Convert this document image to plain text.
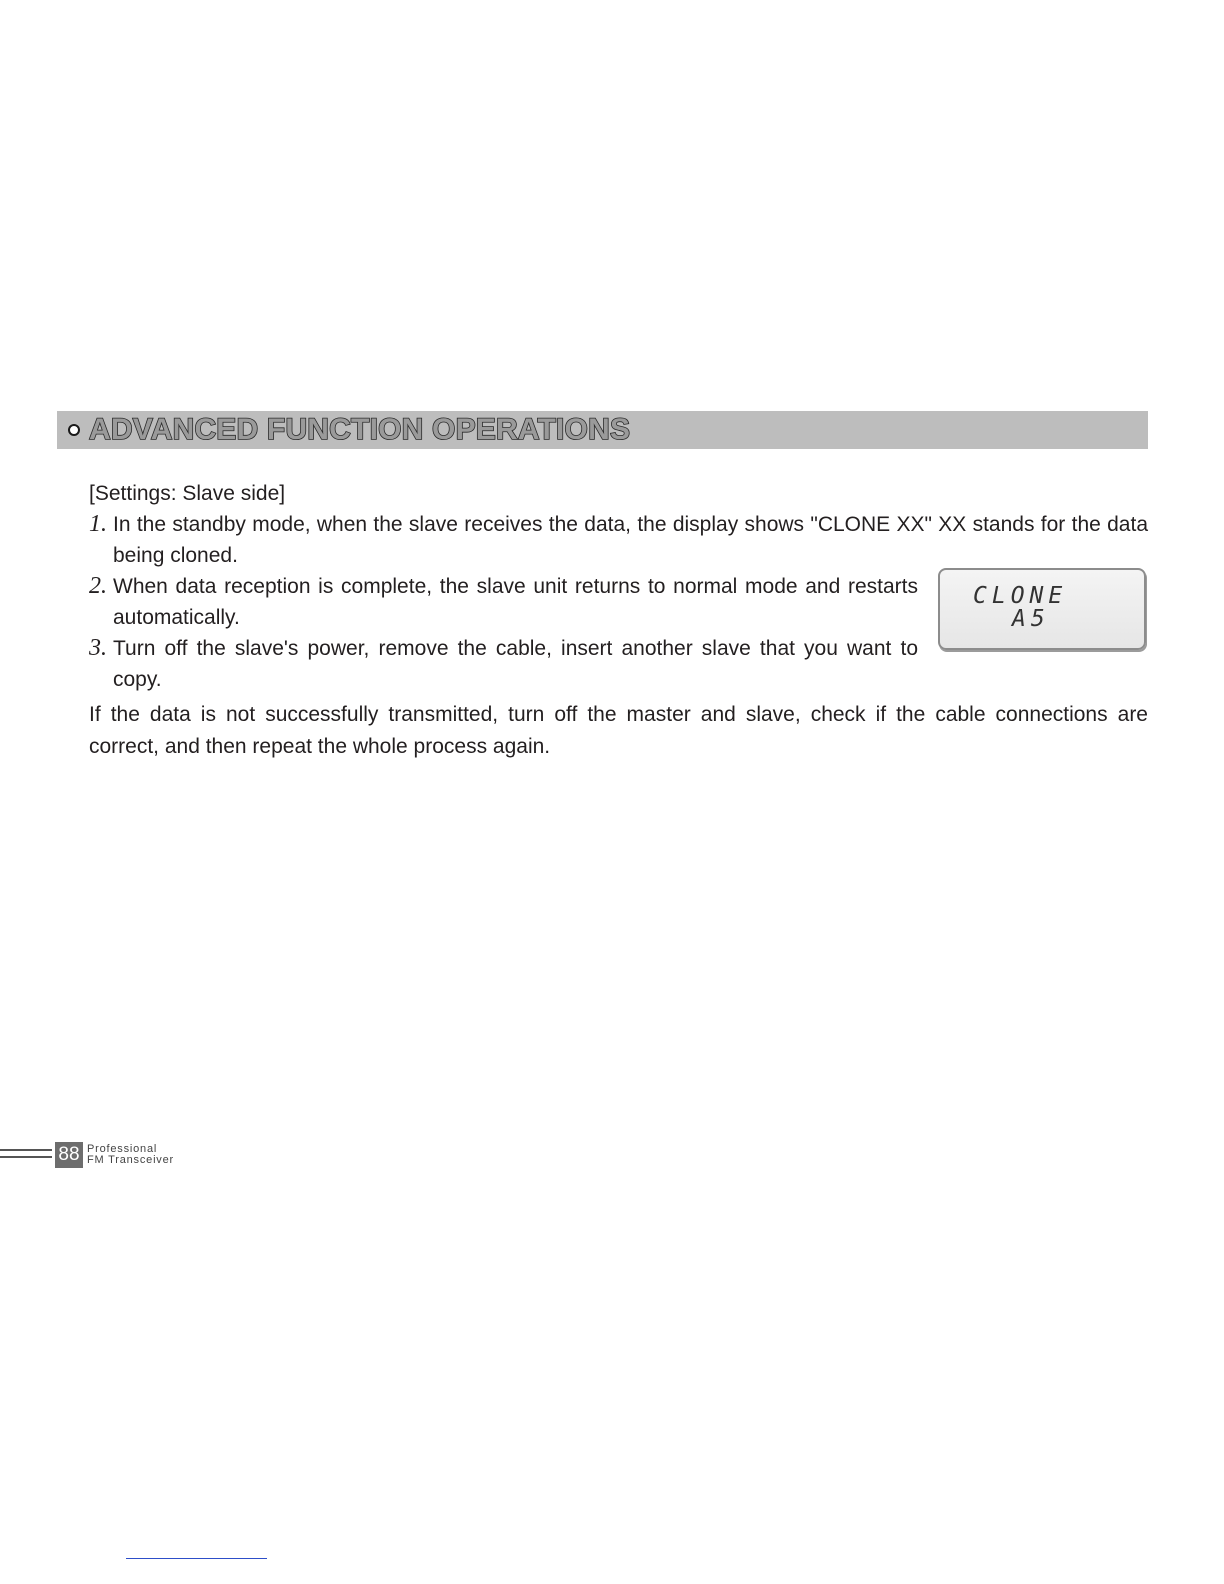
ADVANCED FUNCTION OPERATIONS
[Settings: Slave side]
1. In the standby mode, when the slave receives the data, the display shows "CLONE XX" XX stands for the data being cloned.
2. When data reception is complete, the slave unit returns to normal mode and restarts automatically.
3. Turn off the slave's power, remove the cable, insert another slave that you want to copy.
CLONE
A5
If the data is not successfully transmitted, turn off the master and slave, check if the cable connections are correct, and then repeat the whole process again.
88 Professional
FM Transceiver
